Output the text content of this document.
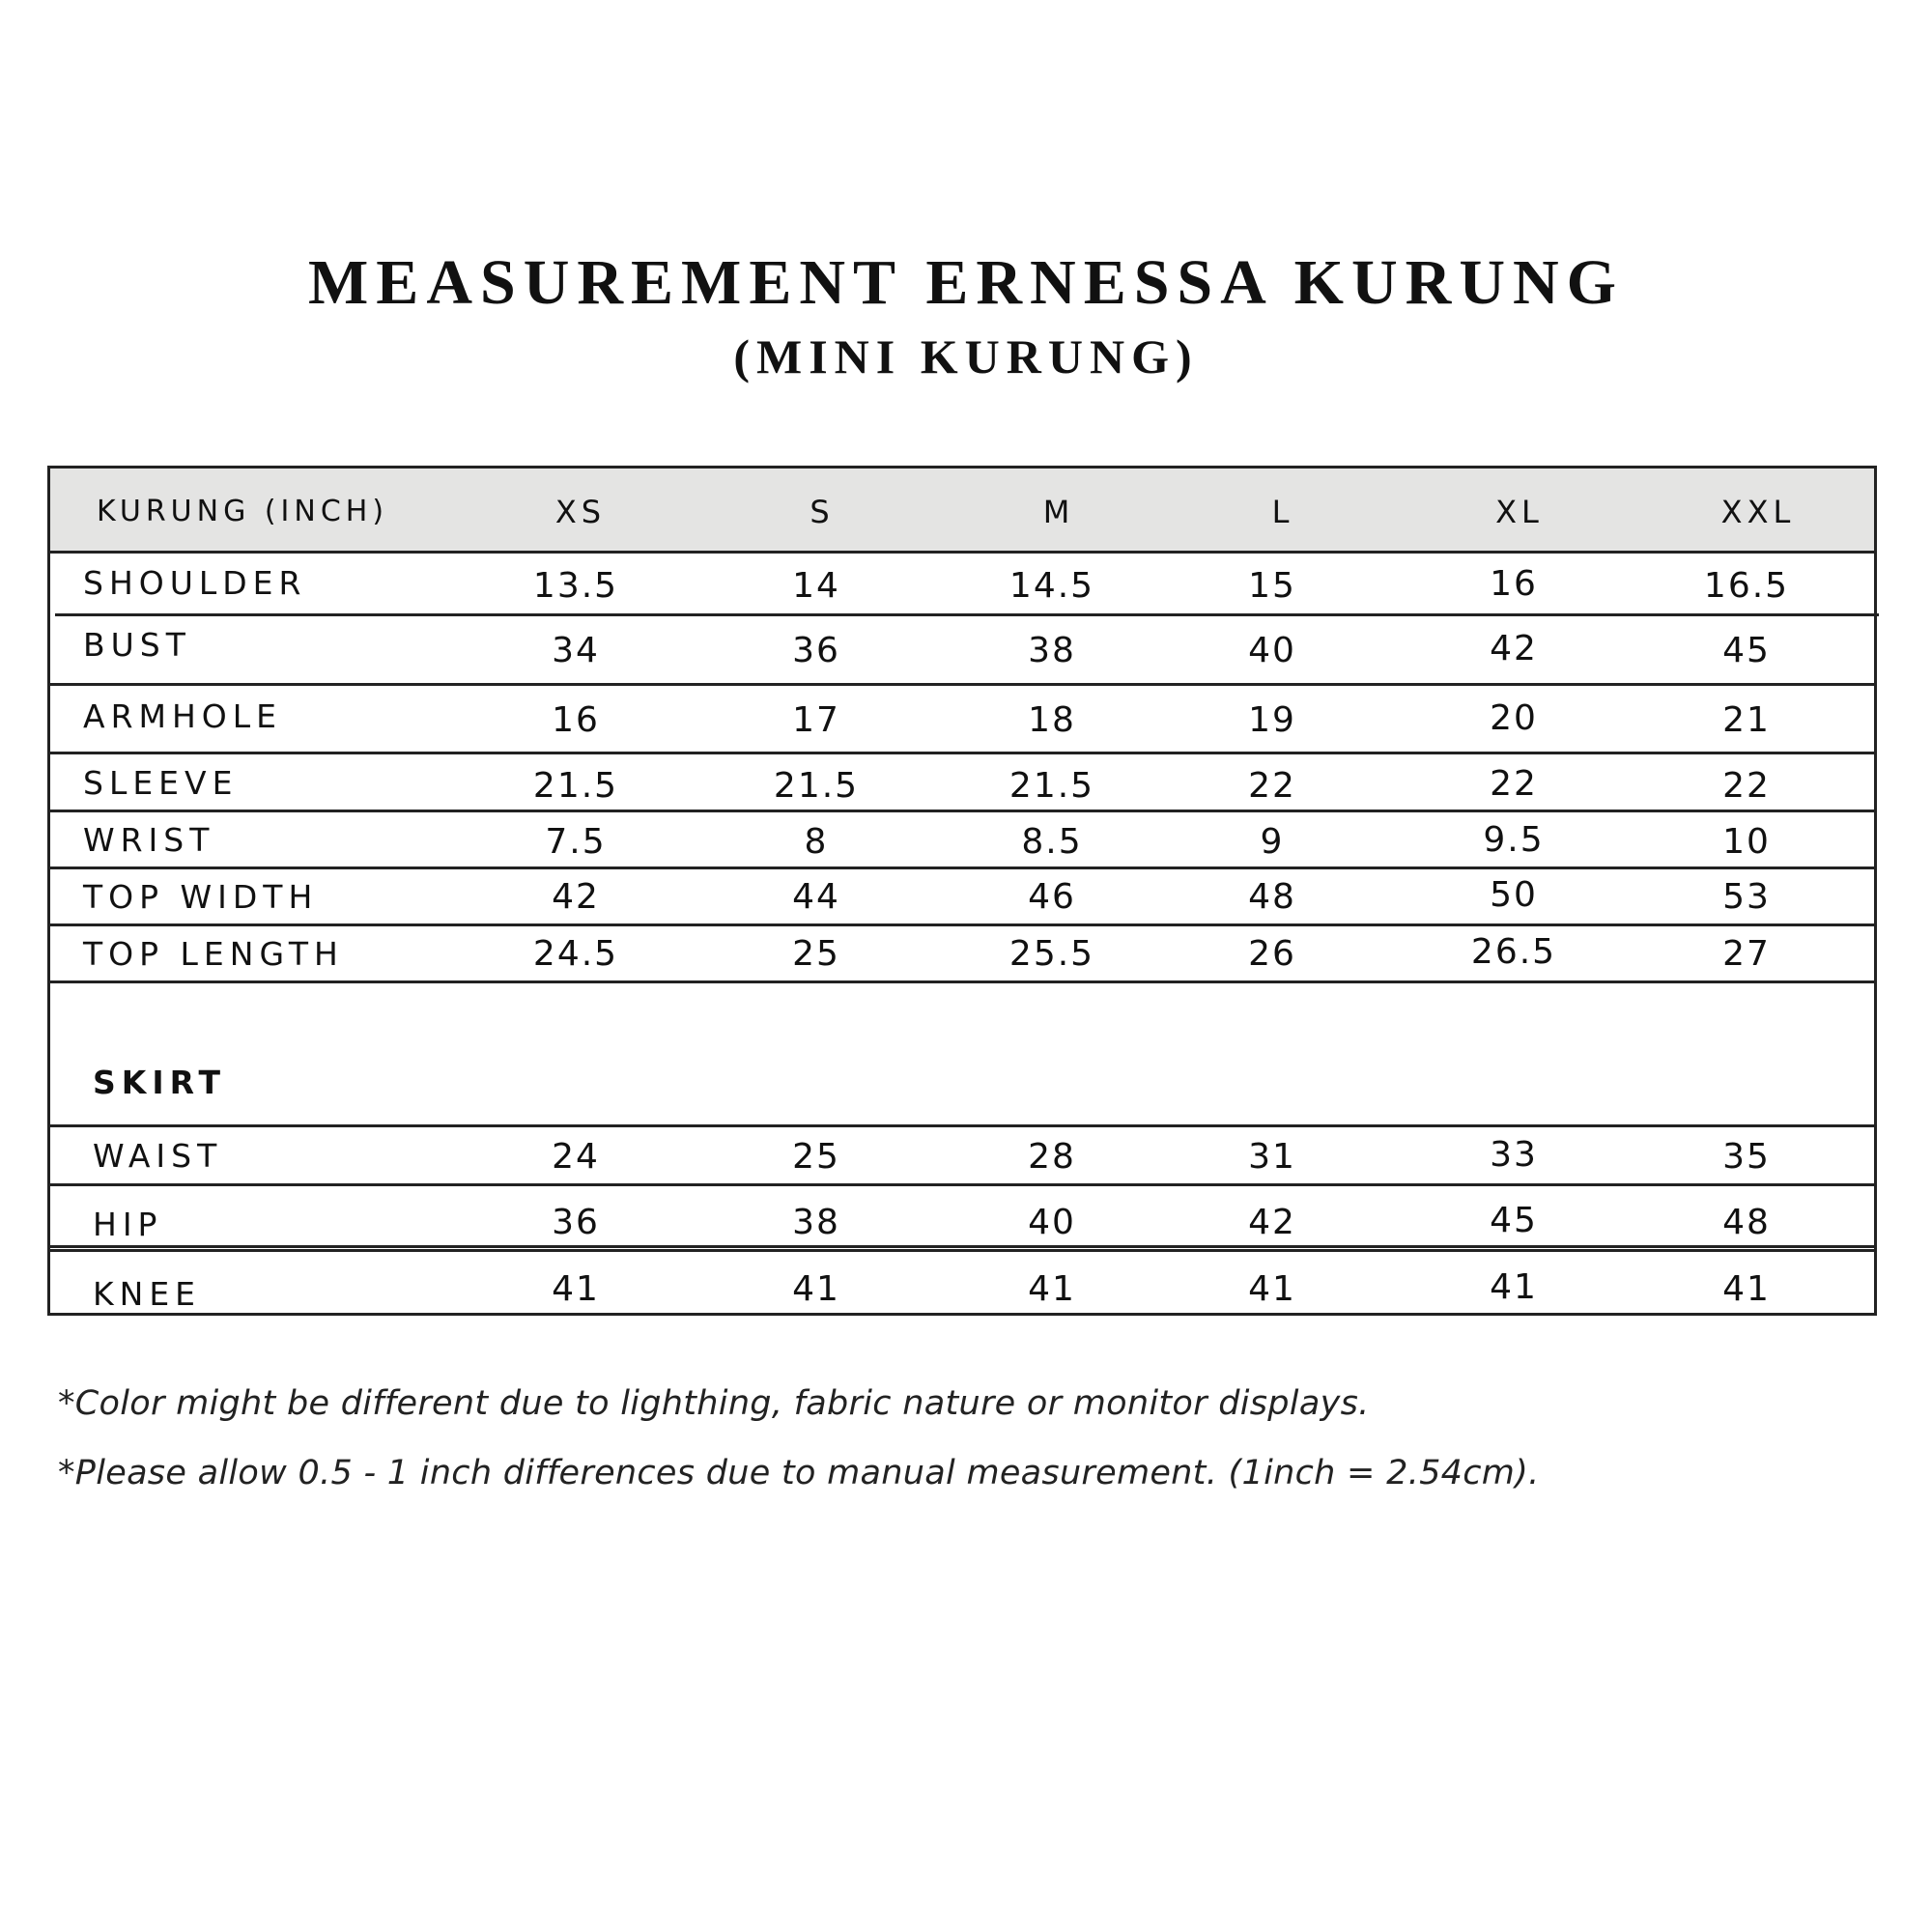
MEASUREMENT ERNESSA KURUNG
(MINI KURUNG)
KURUNG (INCH)	XS	S	M	L	XL	XXL
SHOULDER	13.5	14	14.5	15	16	16.5
BUST	34	36	38	40	42	45
ARMHOLE	16	17	18	19	20	21
SLEEVE	21.5	21.5	21.5	22	22	22
WRIST	7.5	8	8.5	9	9.5	10
TOP WIDTH	42	44	46	48	50	53
TOP LENGTH	24.5	25	25.5	26	26.5	27
SKIRT
WAIST	24	25	28	31	33	35
HIP	36	38	40	42	45	48
KNEE	41	41	41	41	41	41

*Color might be different due to lighthing, fabric nature or monitor displays.

*Please allow 0.5 - 1 inch differences due to manual measurement. (1inch = 2.54cm).
